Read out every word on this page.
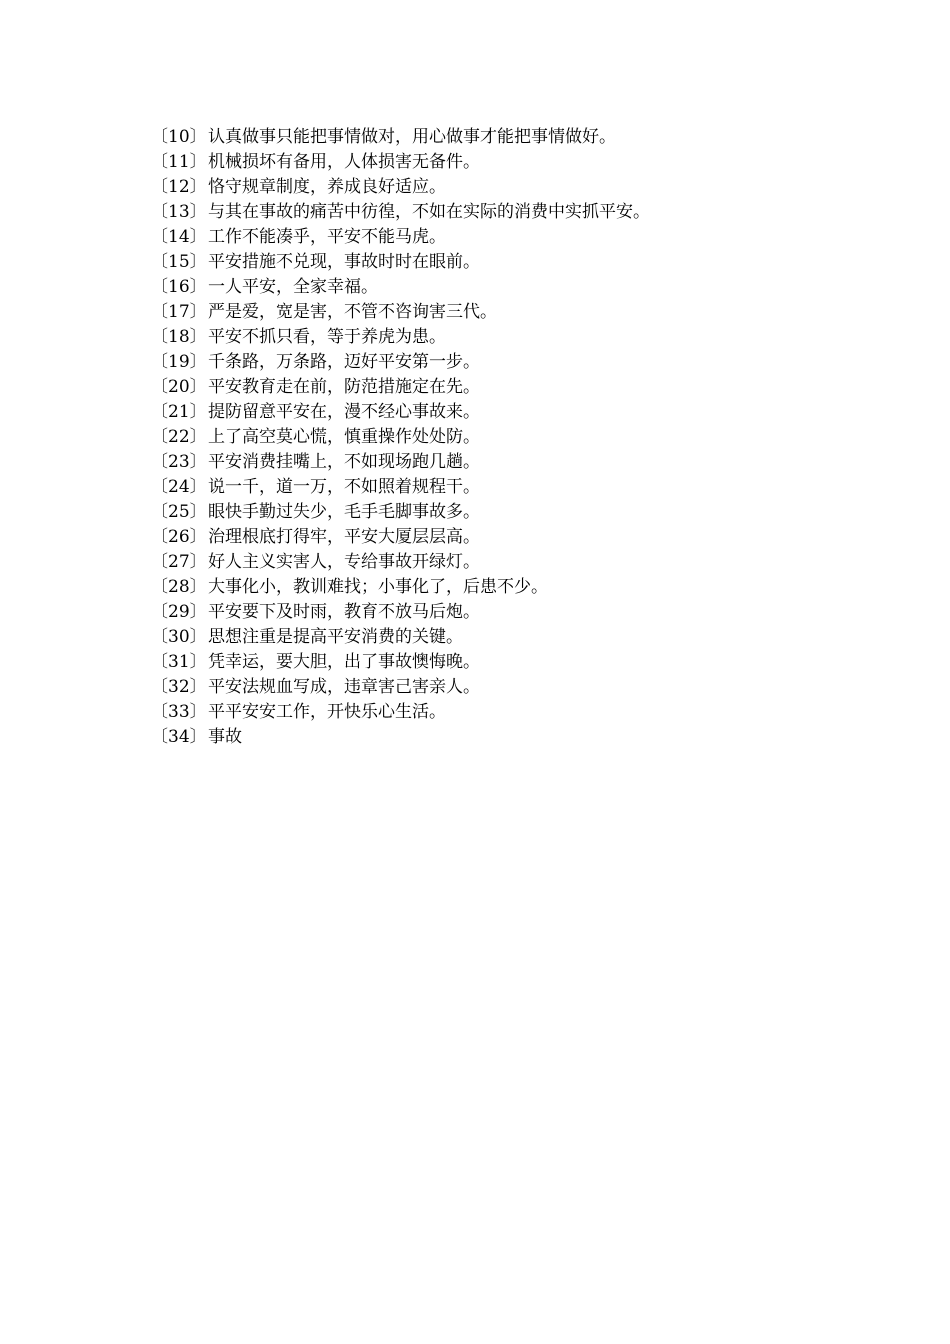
〔10〕 认真做事只能把事情做对，用心做事才能把事情做好。
〔11〕 机械损坏有备用，人体损害无备件。
〔12〕 恪守规章制度，养成良好适应。
〔13〕 与其在事故的痛苦中彷徨，不如在实际的消费中实抓平安。
〔14〕 工作不能凑乎，平安不能马虎。
〔15〕 平安措施不兑现，事故时时在眼前。
〔16〕 一人平安，全家幸福。
〔17〕 严是爱，宽是害，不管不咨询害三代。
〔18〕 平安不抓只看，等于养虎为患。
〔19〕 千条路，万条路，迈好平安第一步。
〔20〕 平安教育走在前，防范措施定在先。
〔21〕 提防留意平安在，漫不经心事故来。
〔22〕 上了高空莫心慌，慎重操作处处防。
〔23〕 平安消费挂嘴上，不如现场跑几趟。
〔24〕 说一千，道一万，不如照着规程干。
〔25〕 眼快手勤过失少，毛手毛脚事故多。
〔26〕 治理根底打得牢，平安大厦层层高。
〔27〕 好人主义实害人，专给事故开绿灯。
〔28〕 大事化小，教训难找；小事化了，后患不少。
〔29〕 平安要下及时雨，教育不放马后炮。
〔30〕 思想注重是提高平安消费的关键。
〔31〕 凭幸运，要大胆，出了事故懊悔晚。
〔32〕 平安法规血写成，违章害己害亲人。
〔33〕 平平安安工作，开快乐心生活。
〔34〕 事故
